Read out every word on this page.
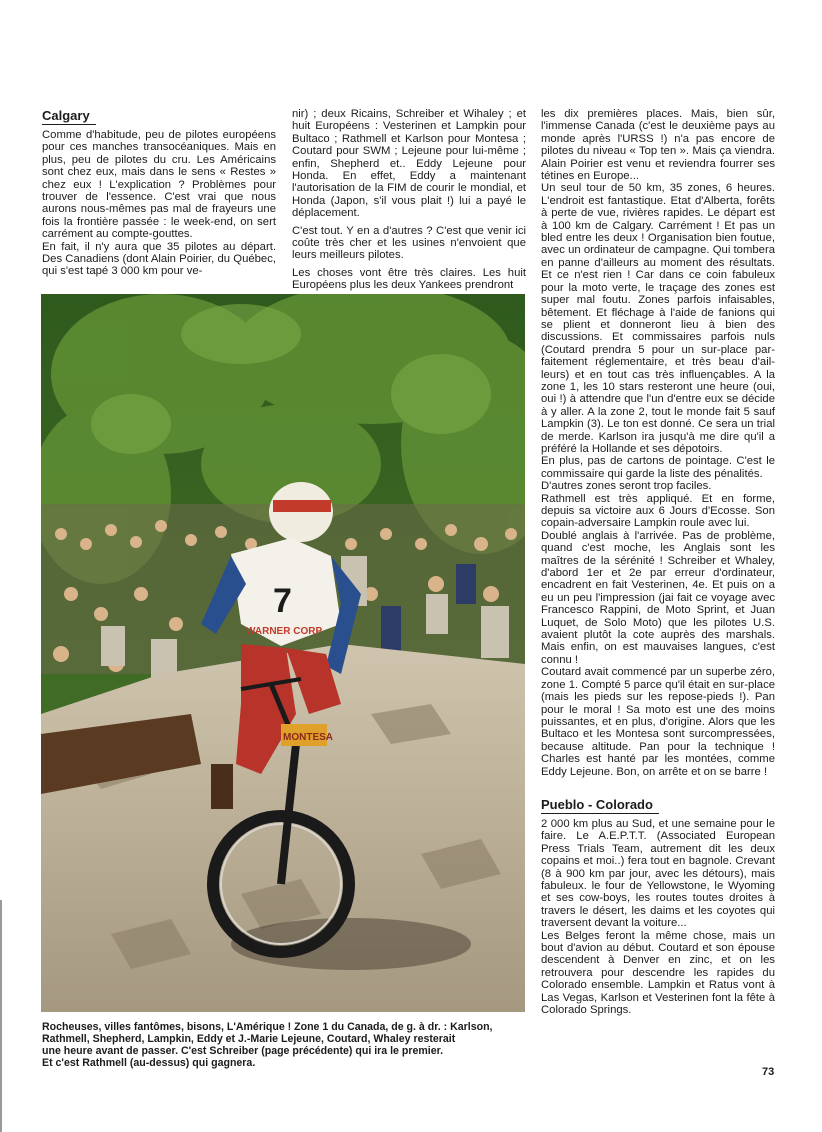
Calgary

Comme d'habitude, peu de pilotes européens pour ces manches transocéaniques. Mais en plus, peu de pilotes du cru. Les Américains sont chez eux, mais dans le sens « Restes » chez eux ! L'explication ? Problèmes pour trouver de l'essence. C'est vrai que nous aurons nous-mêmes pas mal de frayeurs une fois la frontière passée : le week-end, on sert carrément au compte-gouttes.

En fait, il n'y aura que 35 pilotes au départ. Des Canadiens (dont Alain Poirier, du Québec, qui s'est tapé 3 000 km pour ve-

nir) ; deux Ricains, Schreiber et Wihaley ; et huit Européens : Vesterinen et Lampkin pour Bultaco ; Rathmell et Karlson pour Montesa ; Coutard pour SWM ; Lejeune pour lui-même ; enfin, Shepherd et.. Eddy Lejeune pour Honda. En effet, Eddy a maintenant l'autorisation de la FIM de courir le mondial, et Honda (Japon, s'il vous plait !) lui a payé le déplacement.

C'est tout. Y en a d'autres ? C'est que venir ici coûte très cher et les usines n'envoient que leurs meilleurs pilotes.

Les choses vont être très claires. Les huit Européens plus les deux Yankees prendront

les dix premières places. Mais, bien sûr, l'immense Canada (c'est le deuxième pays au monde après l'URSS !) n'a pas encore de pilotes du niveau « Top ten ». Mais ça viendra. Alain Poirier est venu et reviendra fourrer ses tétines en Europe...

Un seul tour de 50 km, 35 zones, 6 heures. L'endroit est fantastique. Etat d'Alberta, forêts à perte de vue, rivières rapides. Le départ est à 100 km de Calgary. Carrément ! Et pas un bled entre les deux ! Organisation bien foutue, avec un ordinateur de campagne. Qui tombera en panne d'ailleurs au moment des résultats. Et ce n'est rien ! Car dans ce coin fabuleux pour la moto verte, le traçage des zones est super mal foutu. Zones parfois infaisables, bêtement. Et fléchage à l'aide de fanions qui se plient et donneront lieu à bien des discussions. Et commissaires parfois nuls (Coutard prendra 5 pour un sur-place parfaitement réglementaire, et très beau d'ailleurs) et en tout cas très influençables. A la zone 1, les 10 stars resteront une heure (oui, oui !) à attendre que l'un d'entre eux se décide à y aller. A la zone 2, tout le monde fait 5 sauf Lampkin (3). Le ton est donné. Ce sera un trial de merde. Karlson ira jusqu'à me dire qu'il a préféré la Hollande et ses dépotoirs.

En plus, pas de cartons de pointage. C'est le commissaire qui garde la liste des pénalités.

D'autres zones seront trop faciles.

Rathmell est très appliqué. Et en forme, depuis sa victoire aux 6 Jours d'Ecosse. Son copain-adversaire Lampkin roule avec lui.

Doublé anglais à l'arrivée. Pas de problème, quand c'est moche, les Anglais sont les maîtres de la sérénité ! Schreiber et Whaley, d'abord 1er et 2e par erreur d'ordinateur, encadrent en fait Vesterinen, 4e. Et puis on a eu un peu l'impression (jai fait ce voyage avec Francesco Rappini, de Moto Sprint, et Juan Luquet, de Solo Moto) que les pilotes U.S. avaient plutôt la cote auprès des marshals. Mais enfin, on est mauvaises langues, c'est connu !

Coutard avait commencé par un superbe zéro, zone 1. Compté 5 parce qu'il était en sur-place (mais les pieds sur les repose-pieds !). Pan pour le moral ! Sa moto est une des moins puissantes, et en plus, d'origine. Alors que les Bultaco et les Montesa sont surcompressées, because altitude. Pan pour la technique ! Charles est hanté par les montées, comme Eddy Lejeune. Bon, on arrête et on se barre !

Pueblo - Colorado

2 000 km plus au Sud, et une semaine pour le faire. Le A.E.P.T.T. (Associated European Press Trials Team, autrement dit les deux copains et moi..) fera tout en bagnole. Crevant (8 à 900 km par jour, avec les détours), mais fabuleux. le four de Yellowstone, le Wyoming et ses cow-boys, les routes toutes droites à travers le désert, les daims et les coyotes qui traversent devant la voiture...

Les Belges feront la même chose, mais un bout d'avion au début. Coutard et son épouse descendent à Denver en zinc, et on les retrouvera pour descendre les rapides du Colorado ensemble. Lampkin et Ratus vont à Las Vegas, Karlson et Vesterinen font la fête à Colorado Springs.

7
WARNER CORP
MONTESA

Rocheuses, villes fantômes, bisons, L'Amérique ! Zone 1 du Canada, de g. à dr. : Karlson,

Rathmell, Shepherd, Lampkin, Eddy et J.-Marie Lejeune, Coutard, Whaley resterait

une heure avant de passer. C'est Schreiber (page précédente) qui ira le premier.

Et c'est Rathmell (au-dessus) qui gagnera.

73
